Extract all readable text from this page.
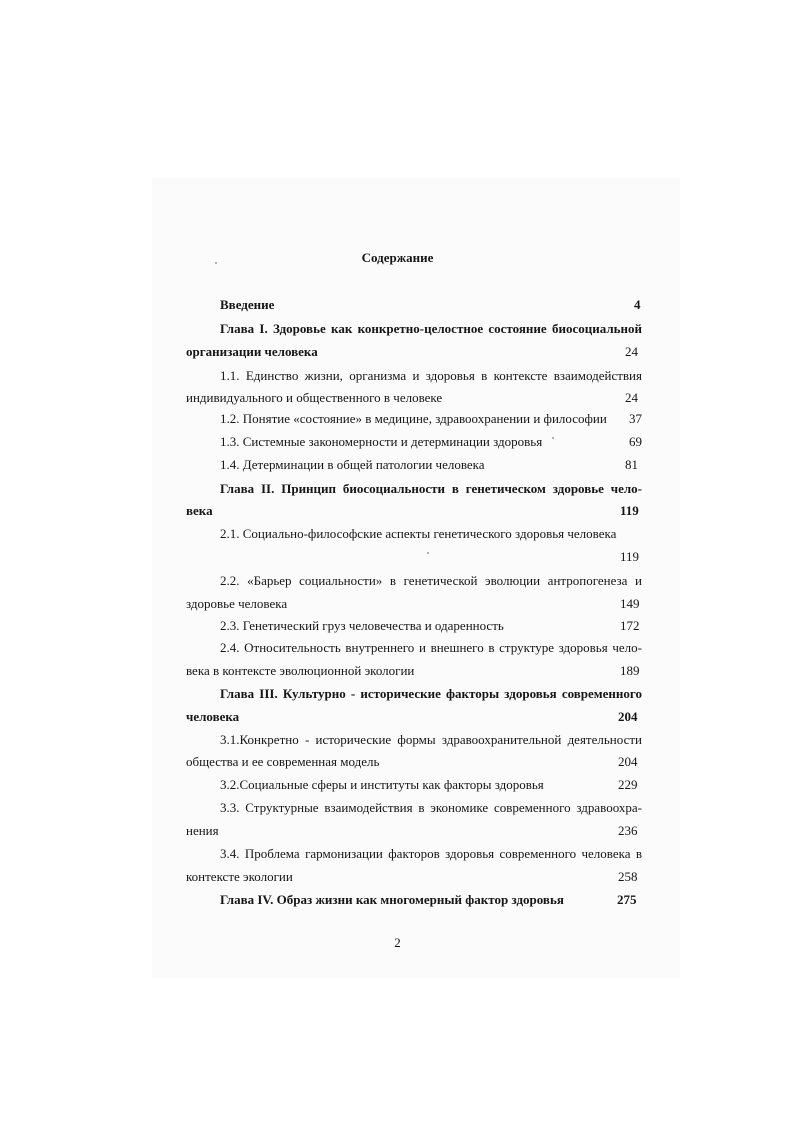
Содержание
Введение	4
Глава I. Здоровье как конкретно-целостное состояние биосоциальной
организации человека	24
1.1. Единство жизни, организма и здоровья в контексте взаимодействия
индивидуального и общественного в человеке	24
1.2. Понятие «состояние» в медицине, здравоохранении и философии	37
1.3. Системные закономерности и детерминации здоровья	69
1.4. Детерминации в общей патологии человека	81
Глава II. Принцип биосоциальности в генетическом здоровье чело-
века	119
2.1. Социально-философские аспекты генетического здоровья человека
119
2.2. «Барьер социальности» в генетической эволюции антропогенеза и
здоровье человека	149
2.3. Генетический груз человечества и одаренность	172
2.4. Относительность внутреннего и внешнего в структуре здоровья чело-
века в контексте эволюционной экологии	189
Глава III. Культурно - исторические факторы здоровья современного
человека	204
3.1.Конкретно - исторические формы здравоохранительной деятельности
общества и ее современная модель	204
3.2.Социальные сферы и институты как факторы здоровья	229
3.3. Структурные взаимодействия в экономике современного здравоохра-
нения	236
3.4. Проблема гармонизации факторов здоровья современного человека в
контексте экологии	258
Глава IV. Образ жизни как многомерный фактор здоровья	275
2
